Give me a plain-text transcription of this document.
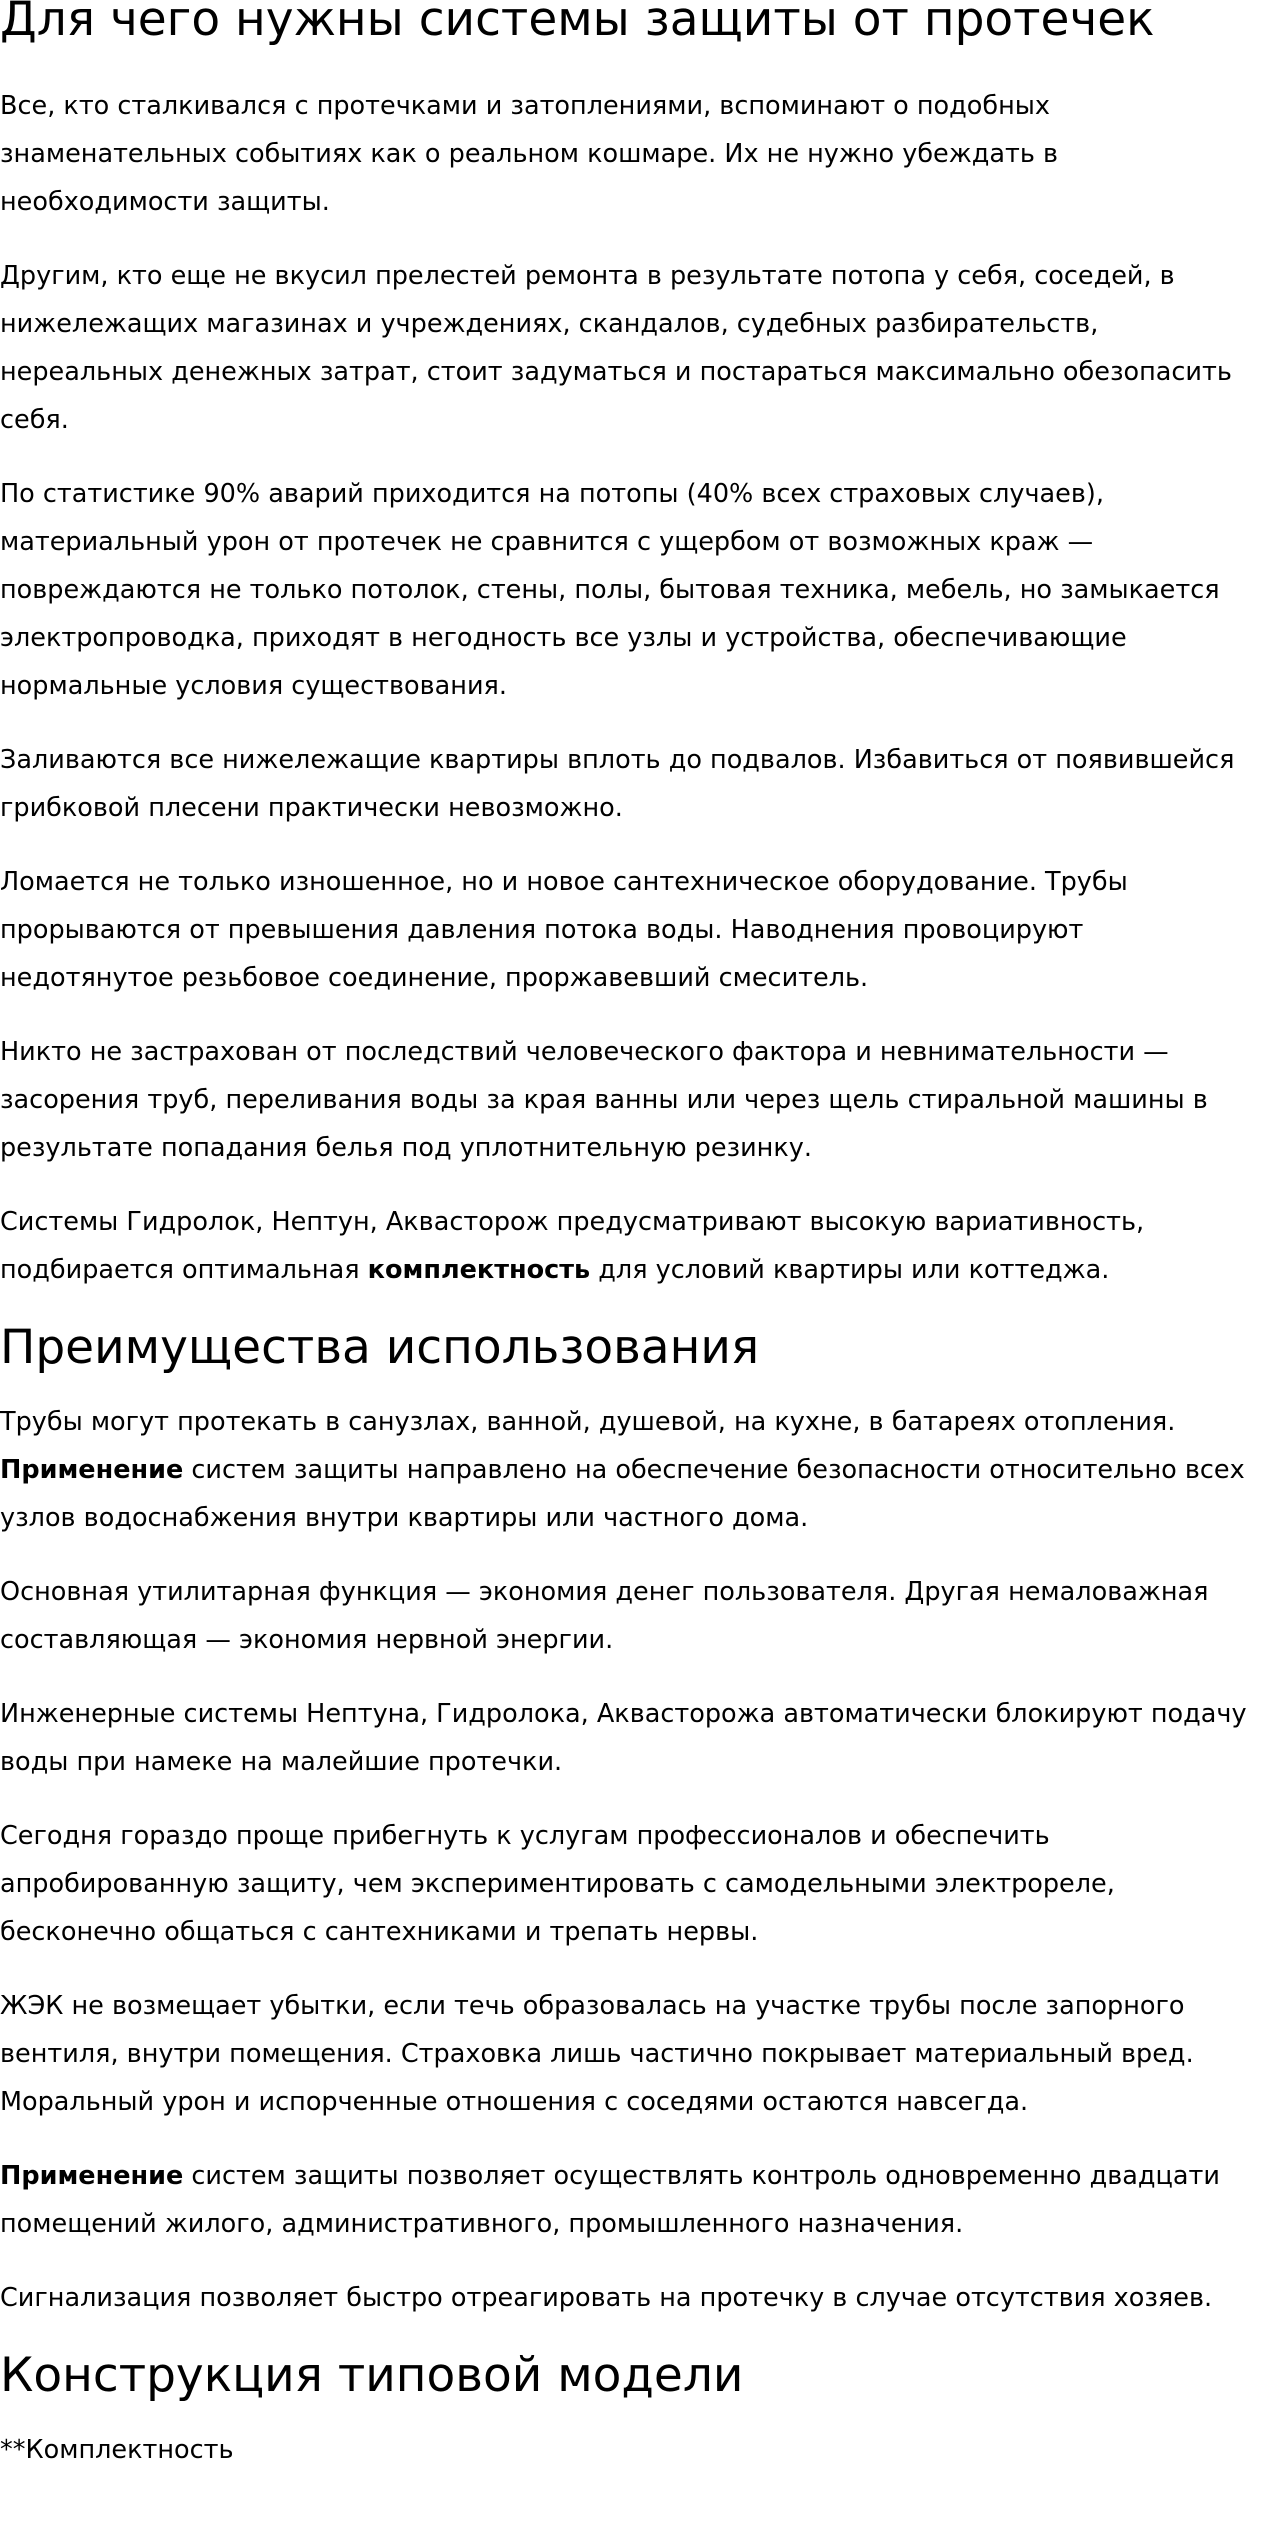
Для чего нужны системы защиты от протечек

Все, кто сталкивался с протечками и затоплениями, вспоминают о подобных
знаменательных событиях как о реальном кошмаре. Их не нужно убеждать в
необходимости защиты.

Другим, кто еще не вкусил прелестей ремонта в результате потопа у себя, соседей, в
нижележащих магазинах и учреждениях, скандалов, судебных разбирательств,
нереальных денежных затрат, стоит задуматься и постараться максимально обезопасить
себя.

По статистике 90% аварий приходится на потопы (40% всех страховых случаев),
материальный урон от протечек не сравнится с ущербом от возможных краж —
повреждаются не только потолок, стены, полы, бытовая техника, мебель, но замыкается
электропроводка, приходят в негодность все узлы и устройства, обеспечивающие
нормальные условия существования.

Заливаются все нижележащие квартиры вплоть до подвалов. Избавиться от появившейся
грибковой плесени практически невозможно.

Ломается не только изношенное, но и новое сантехническое оборудование. Трубы
прорываются от превышения давления потока воды. Наводнения провоцируют
недотянутое резьбовое соединение, проржавевший смеситель.

Никто не застрахован от последствий человеческого фактора и невнимательности —
засорения труб, переливания воды за края ванны или через щель стиральной машины в
результате попадания белья под уплотнительную резинку.

Системы Гидролок, Нептун, Аквасторож предусматривают высокую вариативность,
подбирается оптимальная комплектность для условий квартиры или коттеджа.

Преимущества использования

Трубы могут протекать в санузлах, ванной, душевой, на кухне, в батареях отопления.
Применение систем защиты направлено на обеспечение безопасности относительно всех
узлов водоснабжения внутри квартиры или частного дома.

Основная утилитарная функция — экономия денег пользователя. Другая немаловажная
составляющая — экономия нервной энергии.

Инженерные системы Нептуна, Гидролока, Аквасторожа автоматически блокируют подачу
воды при намеке на малейшие протечки.

Сегодня гораздо проще прибегнуть к услугам профессионалов и обеспечить
апробированную защиту, чем экспериментировать с самодельными электрореле,
бесконечно общаться с сантехниками и трепать нервы.

ЖЭК не возмещает убытки, если течь образовалась на участке трубы после запорного
вентиля, внутри помещения. Страховка лишь частично покрывает материальный вред.
Моральный урон и испорченные отношения с соседями остаются навсегда.

Применение систем защиты позволяет осуществлять контроль одновременно двадцати
помещений жилого, административного, промышленного назначения.

Сигнализация позволяет быстро отреагировать на протечку в случае отсутствия хозяев.

Конструкция типовой модели

**Комплектность
